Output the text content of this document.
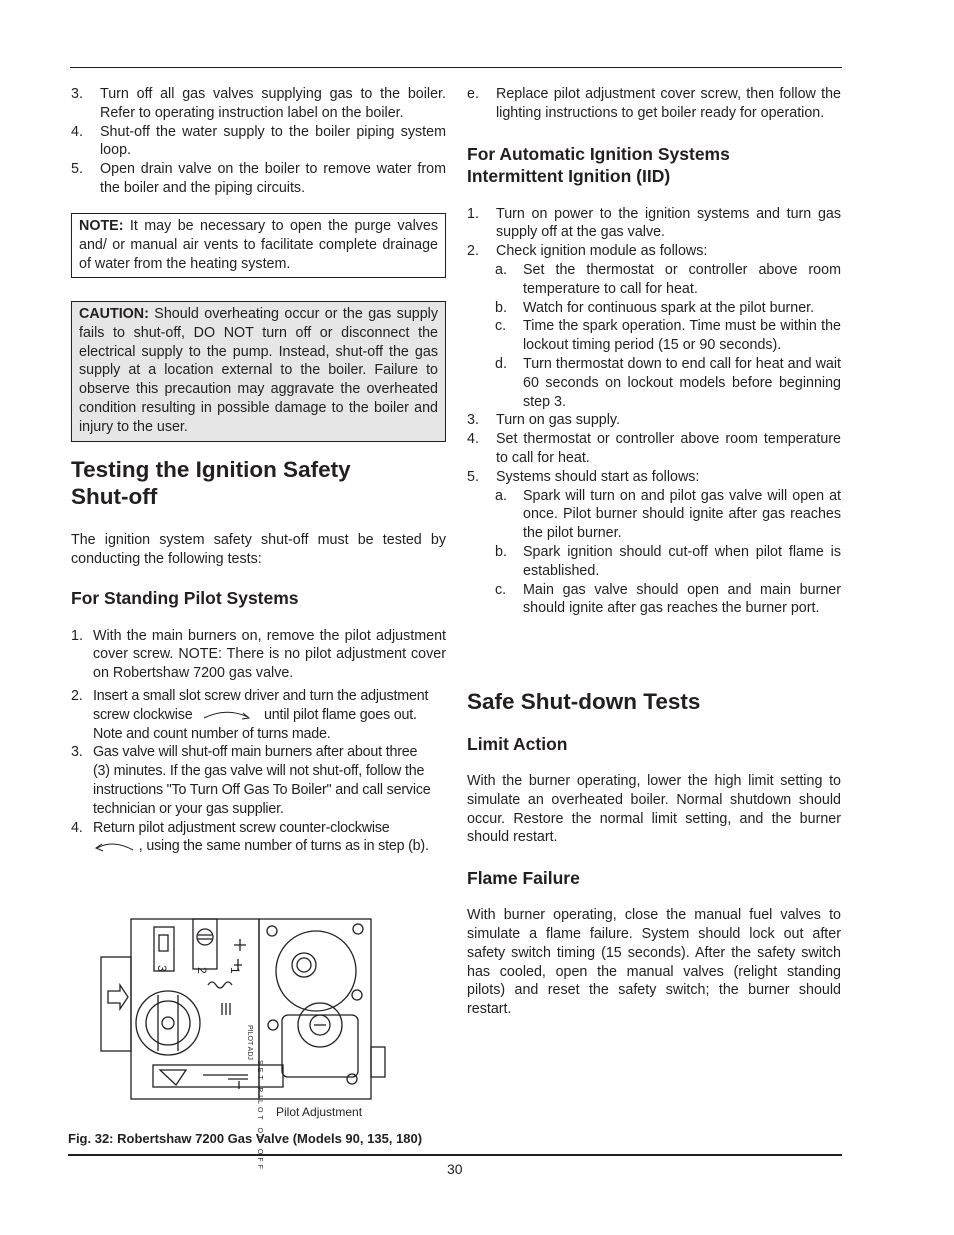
3. Turn off all gas valves supplying gas to the boiler. Refer to operating instruction label on the boiler.
4. Shut-off the water supply to the boiler piping system loop.
5. Open drain valve on the boiler to remove water from the boiler and the piping circuits.
NOTE: It may be necessary to open the purge valves and/ or manual air vents to facilitate complete drainage of water from the heating system.
CAUTION: Should overheating occur or the gas supply fails to shut-off, DO NOT turn off or disconnect the electrical supply to the pump. Instead, shut-off the gas supply at a location external to the boiler. Failure to observe this precaution may aggravate the overheated condition resulting in possible damage to the boiler and injury to the user.
Testing the Ignition Safety
Shut-off
The ignition system safety shut-off must be tested by conducting the following tests:
For Standing Pilot Systems
1. With the main burners on, remove the pilot adjustment cover screw. NOTE: There is no pilot adjustment cover on Robertshaw 7200 gas valve.
2. Insert a small slot screw driver and turn the adjustment screw clockwise	until pilot flame goes out. Note and count number of turns made.
3. Gas valve will shut-off main burners after about three (3) minutes. If the gas valve will not shut-off, follow the instructions "To Turn Off Gas To Boiler" and call service technician or your gas supplier.
4. Return pilot adjustment screw counter-clockwise  , using the same number of turns as in step (b).
3 2 1
PILOT ADJ
SET PILOT ON OFF Pilot Adjustment
Fig. 32: Robertshaw 7200 Gas Valve (Models 90, 135, 180)
e. Replace pilot adjustment cover screw, then follow the lighting instructions to get boiler ready for operation.
For Automatic Ignition Systems
Intermittent Ignition (IID)
1. Turn on power to the ignition systems and turn gas supply off at the gas valve.
2. Check ignition module as follows:
a. Set the thermostat or controller above room temperature to call for heat.
b. Watch for continuous spark at the pilot burner.
c. Time the spark operation. Time must be within the lockout timing period (15 or 90 seconds).
d. Turn thermostat down to end call for heat and wait 60 seconds on lockout models before beginning step 3.
3. Turn on gas supply.
4. Set thermostat or controller above room temperature to call for heat.
5. Systems should start as follows:
a. Spark will turn on and pilot gas valve will open at once. Pilot burner should ignite after gas reaches the pilot burner.
b. Spark ignition should cut-off when pilot flame is established.
c. Main gas valve should open and main burner should ignite after gas reaches the burner port.
Safe Shut-down Tests
Limit Action
With the burner operating, lower the high limit setting to simulate an overheated boiler. Normal shutdown should occur. Restore the normal limit setting, and the burner should restart.
Flame Failure
With burner operating, close the manual fuel valves to simulate a flame failure. System should lock out after safety switch timing (15 seconds). After the safety switch has cooled, open the manual valves (relight standing pilots) and reset the safety switch; the burner should restart.
30
